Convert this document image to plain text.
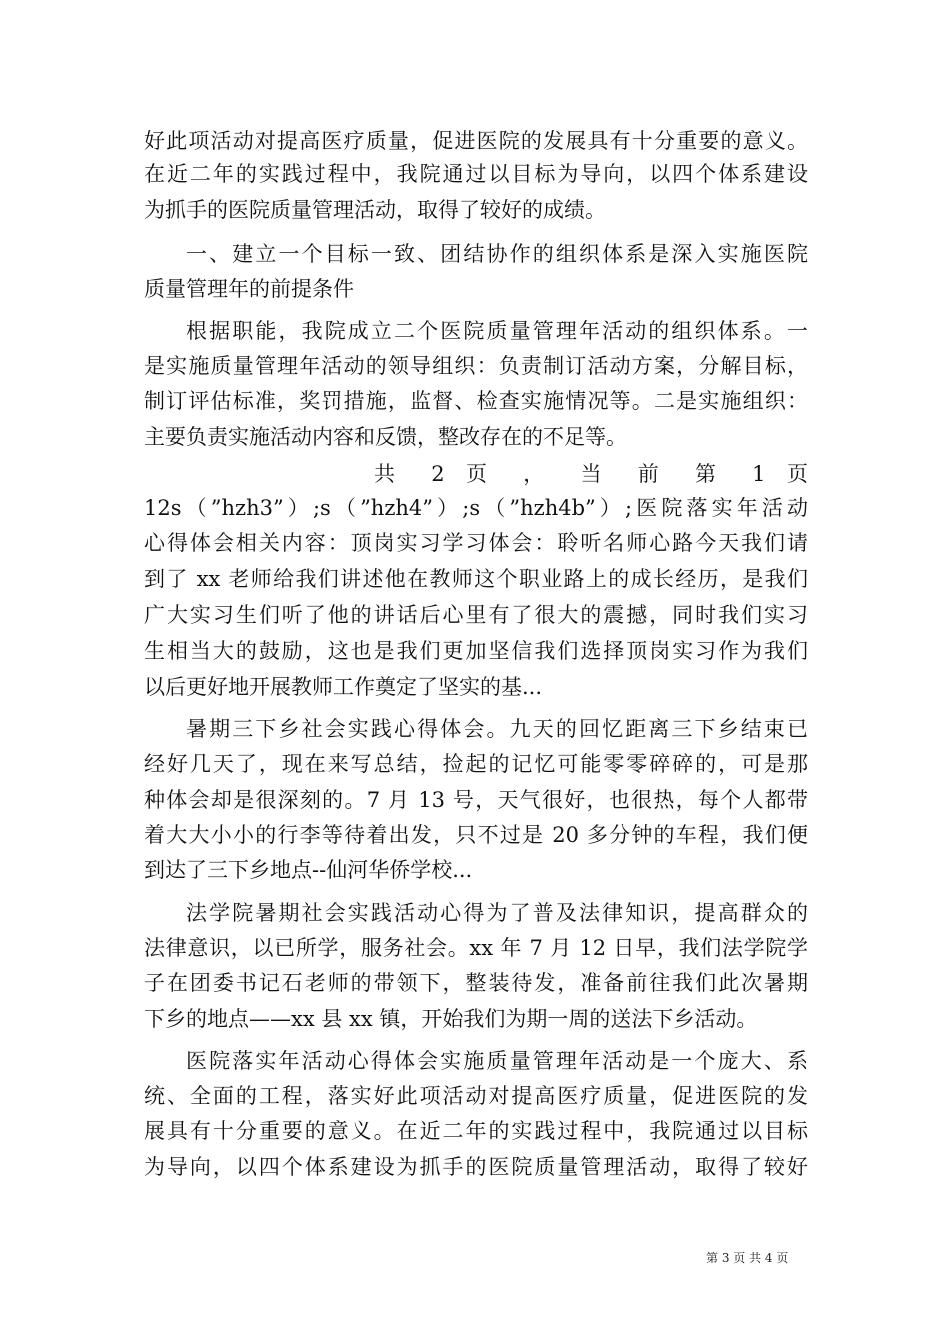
好此项活动对提高医疗质量，促进医院的发展具有十分重要的意义。
在近二年的实践过程中，我院通过以目标为导向，以四个体系建设
为抓手的医院质量管理活动，取得了较好的成绩。
一、建立一个目标一致、团结协作的组织体系是深入实施医院
质量管理年的前提条件
根据职能，我院成立二个医院质量管理年活动的组织体系。一
是实施质量管理年活动的领导组织：负责制订活动方案，分解目标，
制订评估标准，奖罚措施，监督、检查实施情况等。二是实施组织：
主要负责实施活动内容和反馈，整改存在的不足等。
共 2 页 ， 当 前 第 1 页
12s（”hzh3”）;s（”hzh4”）;s（”hzh4b”）;医院落实年活动
心得体会相关内容：顶岗实习学习体会：聆听名师心路今天我们请
到了 xx 老师给我们讲述他在教师这个职业路上的成长经历，是我们
广大实习生们听了他的讲话后心里有了很大的震撼，同时我们实习
生相当大的鼓励，这也是我们更加坚信我们选择顶岗实习作为我们
以后更好地开展教师工作奠定了坚实的基...
暑期三下乡社会实践心得体会。九天的回忆距离三下乡结束已
经好几天了，现在来写总结，捡起的记忆可能零零碎碎的，可是那
种体会却是很深刻的。7 月 13 号，天气很好，也很热，每个人都带
着大大小小的行李等待着出发，只不过是 20 多分钟的车程，我们便
到达了三下乡地点--仙河华侨学校...
法学院暑期社会实践活动心得为了普及法律知识，提高群众的
法律意识，以已所学，服务社会。xx 年 7 月 12 日早，我们法学院学
子在团委书记石老师的带领下，整装待发，准备前往我们此次暑期
下乡的地点——xx 县 xx 镇，开始我们为期一周的送法下乡活动。
医院落实年活动心得体会实施质量管理年活动是一个庞大、系
统、全面的工程，落实好此项活动对提高医疗质量，促进医院的发
展具有十分重要的意义。在近二年的实践过程中，我院通过以目标
为导向，以四个体系建设为抓手的医院质量管理活动，取得了较好
第 3 页 共 4 页
